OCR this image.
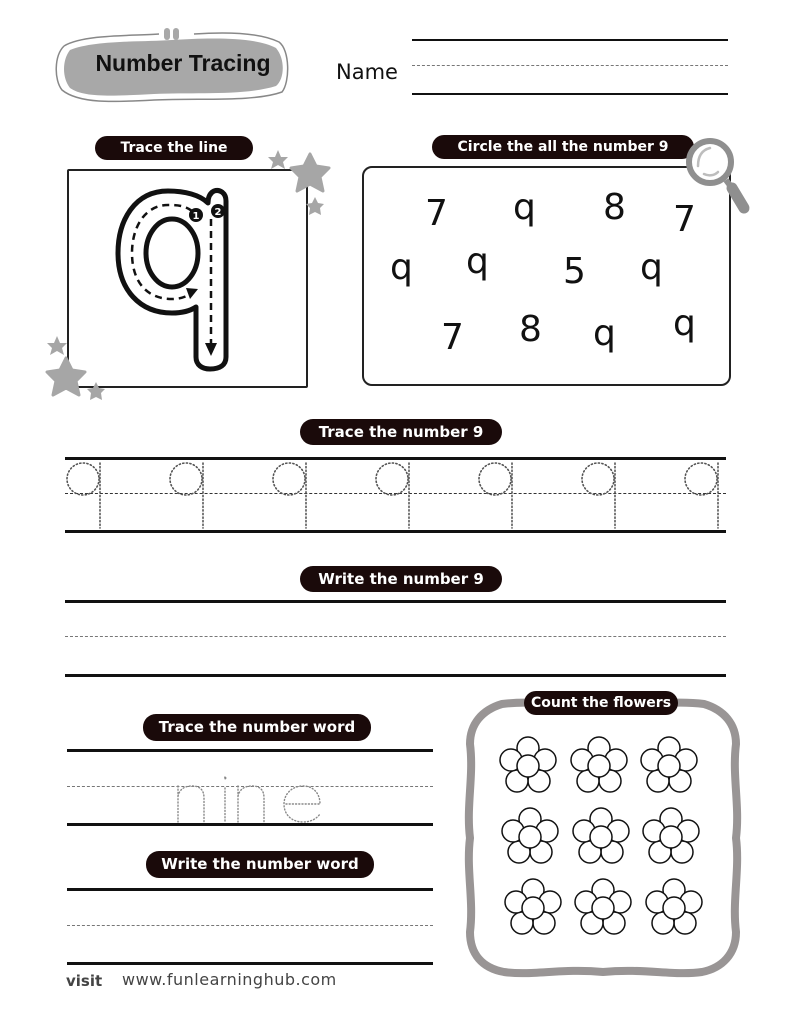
Number Tracing	Name
Trace the line
1 2
Circle the all the number 9
7 q 8 7
q q 5 q
7 8 q q
Trace the number 9
Write the number 9
Trace the number word
Write the number word
Count the flowers
visit www.funlearninghub.com
